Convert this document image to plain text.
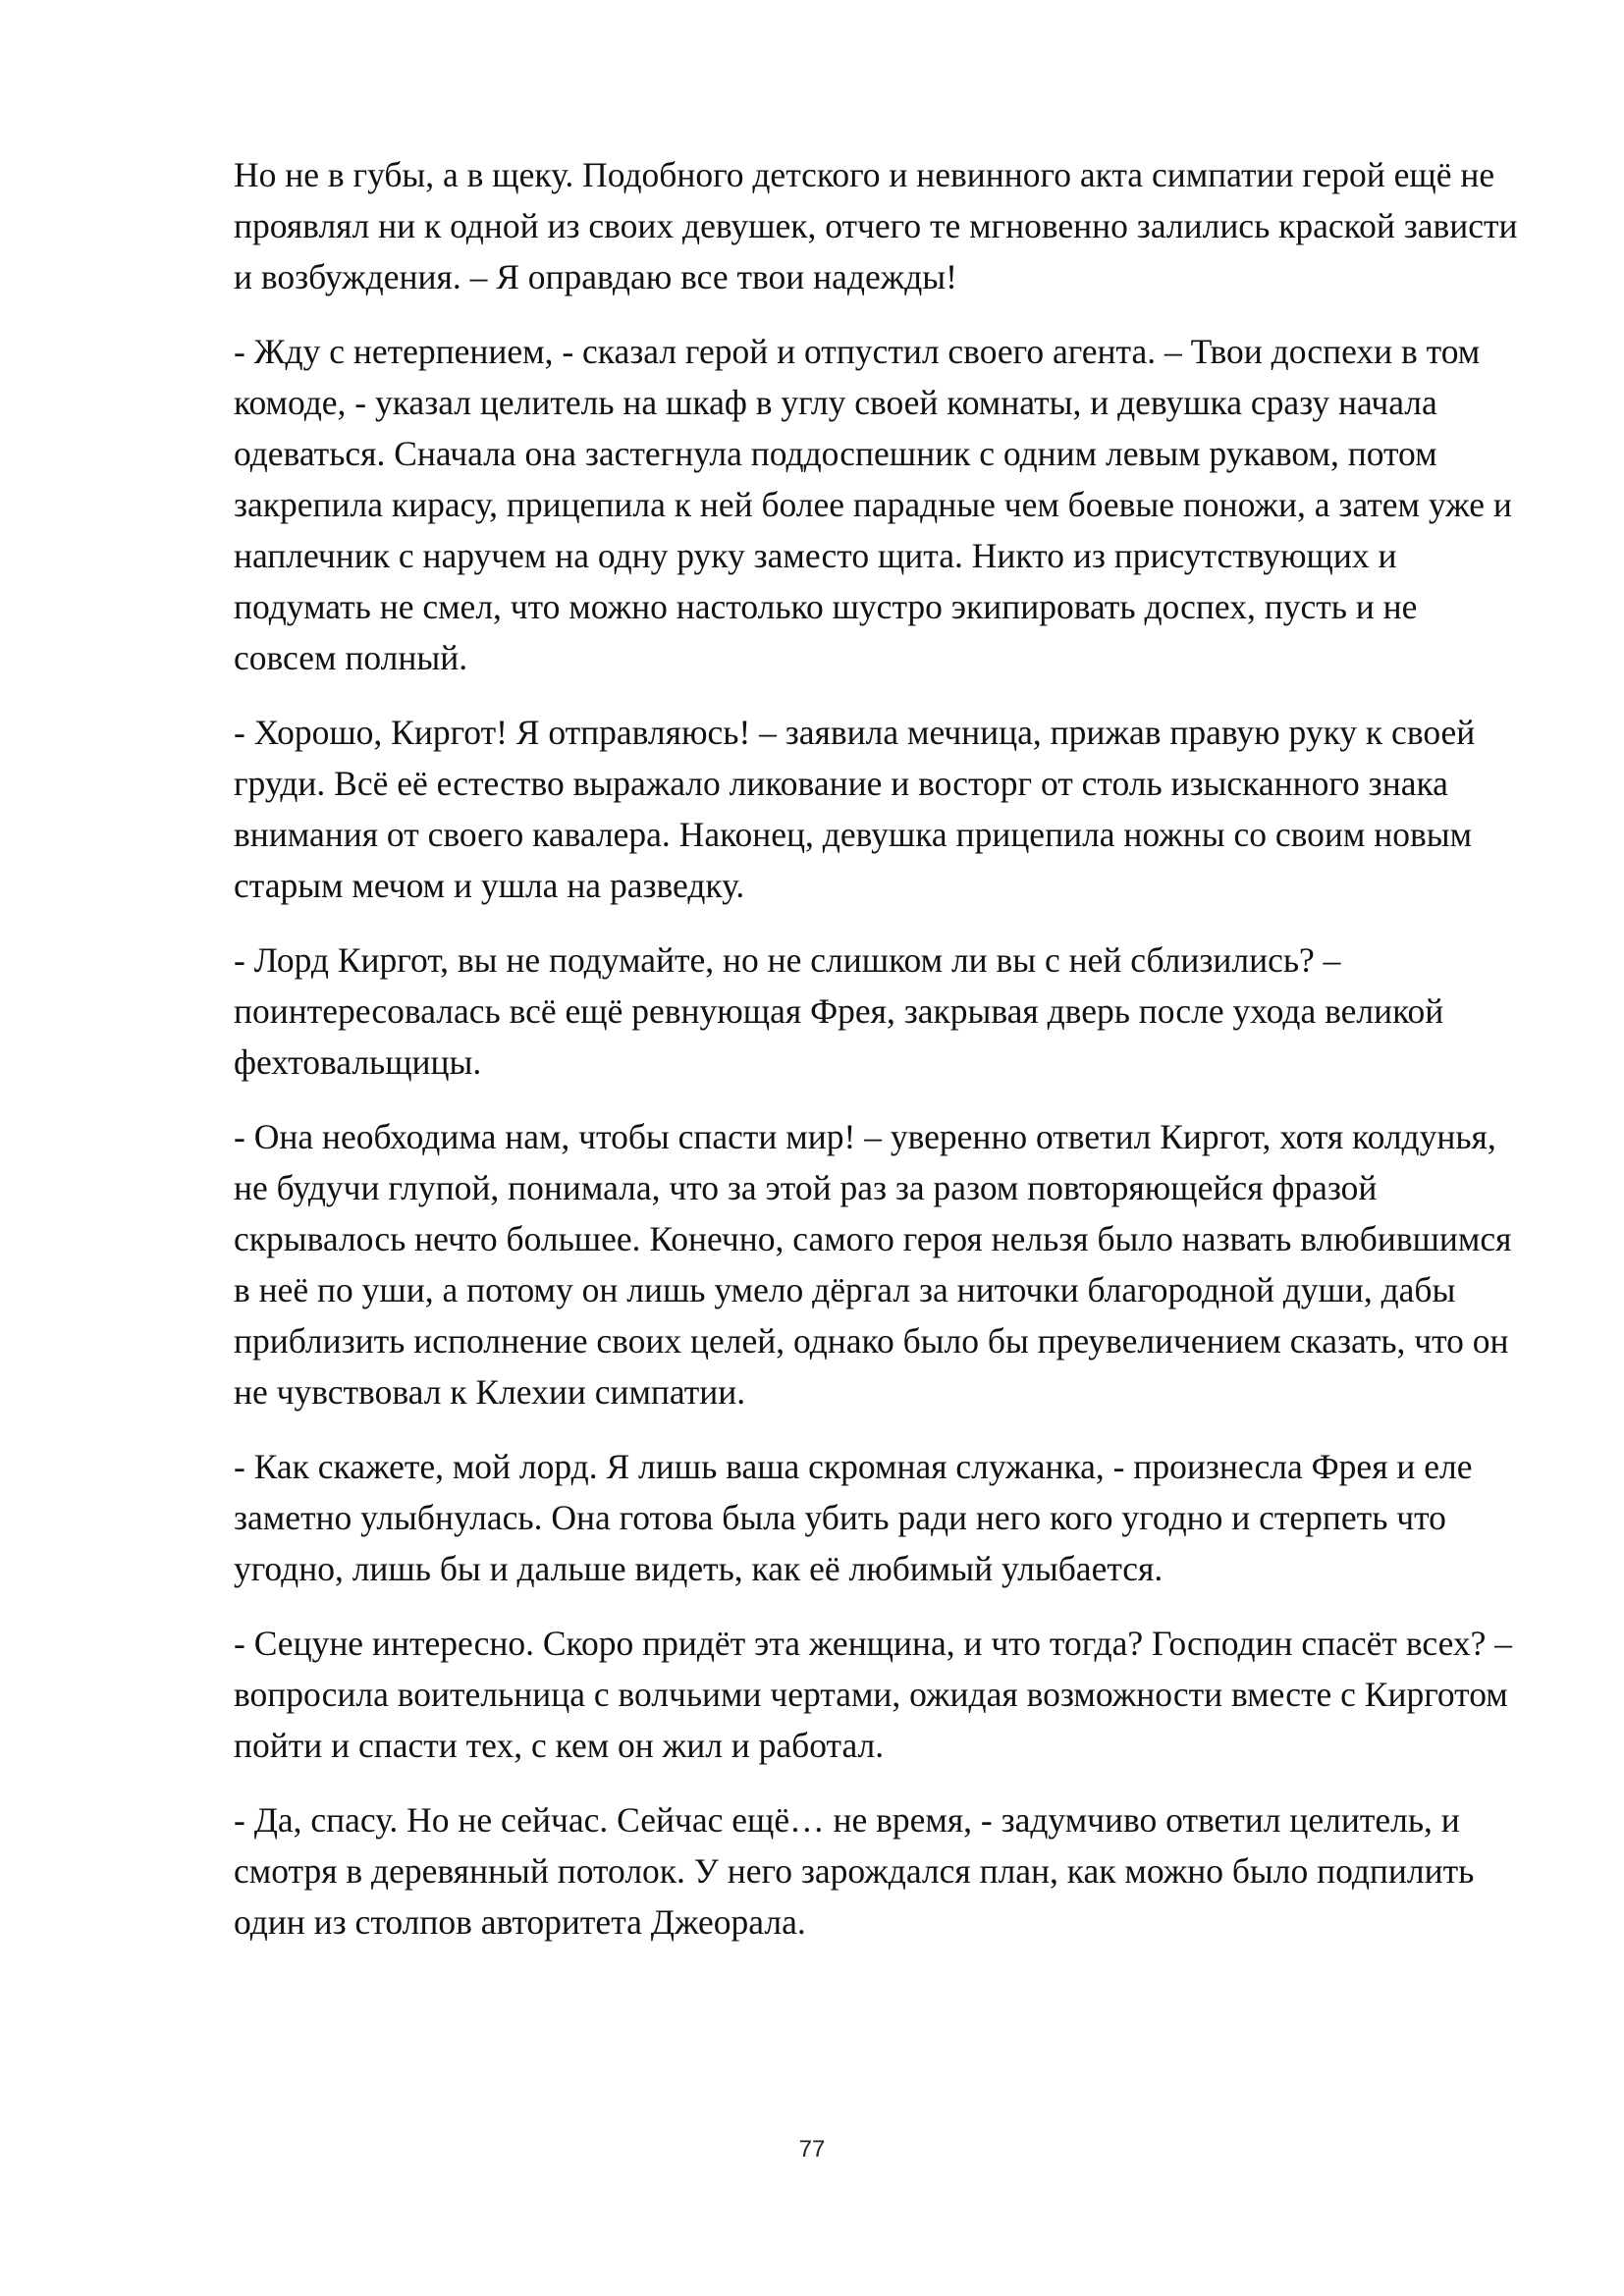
Но не в губы, а в щеку. Подобного детского и невинного акта симпатии герой ещё не проявлял ни к одной из своих девушек, отчего те мгновенно залились краской зависти и возбуждения. – Я оправдаю все твои надежды!

- Жду с нетерпением, - сказал герой и отпустил своего агента. – Твои доспехи в том комоде, - указал целитель на шкаф в углу своей комнаты, и девушка сразу начала одеваться. Сначала она застегнула поддоспешник с одним левым рукавом, потом закрепила кирасу, прицепила к ней более парадные чем боевые поножи, а затем уже и наплечник с наручем на одну руку заместо щита. Никто из присутствующих и подумать не смел, что можно настолько шустро экипировать доспех, пусть и не совсем полный.

- Хорошо, Киргот! Я отправляюсь! – заявила мечница, прижав правую руку к своей груди. Всё её естество выражало ликование и восторг от столь изысканного знака внимания от своего кавалера. Наконец, девушка прицепила ножны со своим новым старым мечом и ушла на разведку.

- Лорд Киргот, вы не подумайте, но не слишком ли вы с ней сблизились? – поинтересовалась всё ещё ревнующая Фрея, закрывая дверь после ухода великой фехтовальщицы.

- Она необходима нам, чтобы спасти мир! – уверенно ответил Киргот, хотя колдунья, не будучи глупой, понимала, что за этой раз за разом повторяющейся фразой скрывалось нечто большее. Конечно, самого героя нельзя было назвать влюбившимся в неё по уши, а потому он лишь умело дёргал за ниточки благородной души, дабы приблизить исполнение своих целей, однако было бы преувеличением сказать, что он не чувствовал к Клехии симпатии.

- Как скажете, мой лорд. Я лишь ваша скромная служанка, - произнесла Фрея и еле заметно улыбнулась. Она готова была убить ради него кого угодно и стерпеть что угодно, лишь бы и дальше видеть, как её любимый улыбается.

- Сецуне интересно. Скоро придёт эта женщина, и что тогда? Господин спасёт всех? – вопросила воительница с волчьими чертами, ожидая возможности вместе с Кирготом пойти и спасти тех, с кем он жил и работал.

- Да, спасу. Но не сейчас. Сейчас ещё… не время, - задумчиво ответил целитель, и смотря в деревянный потолок. У него зарождался план, как можно было подпилить один из столпов авторитета Джеорала.

77
